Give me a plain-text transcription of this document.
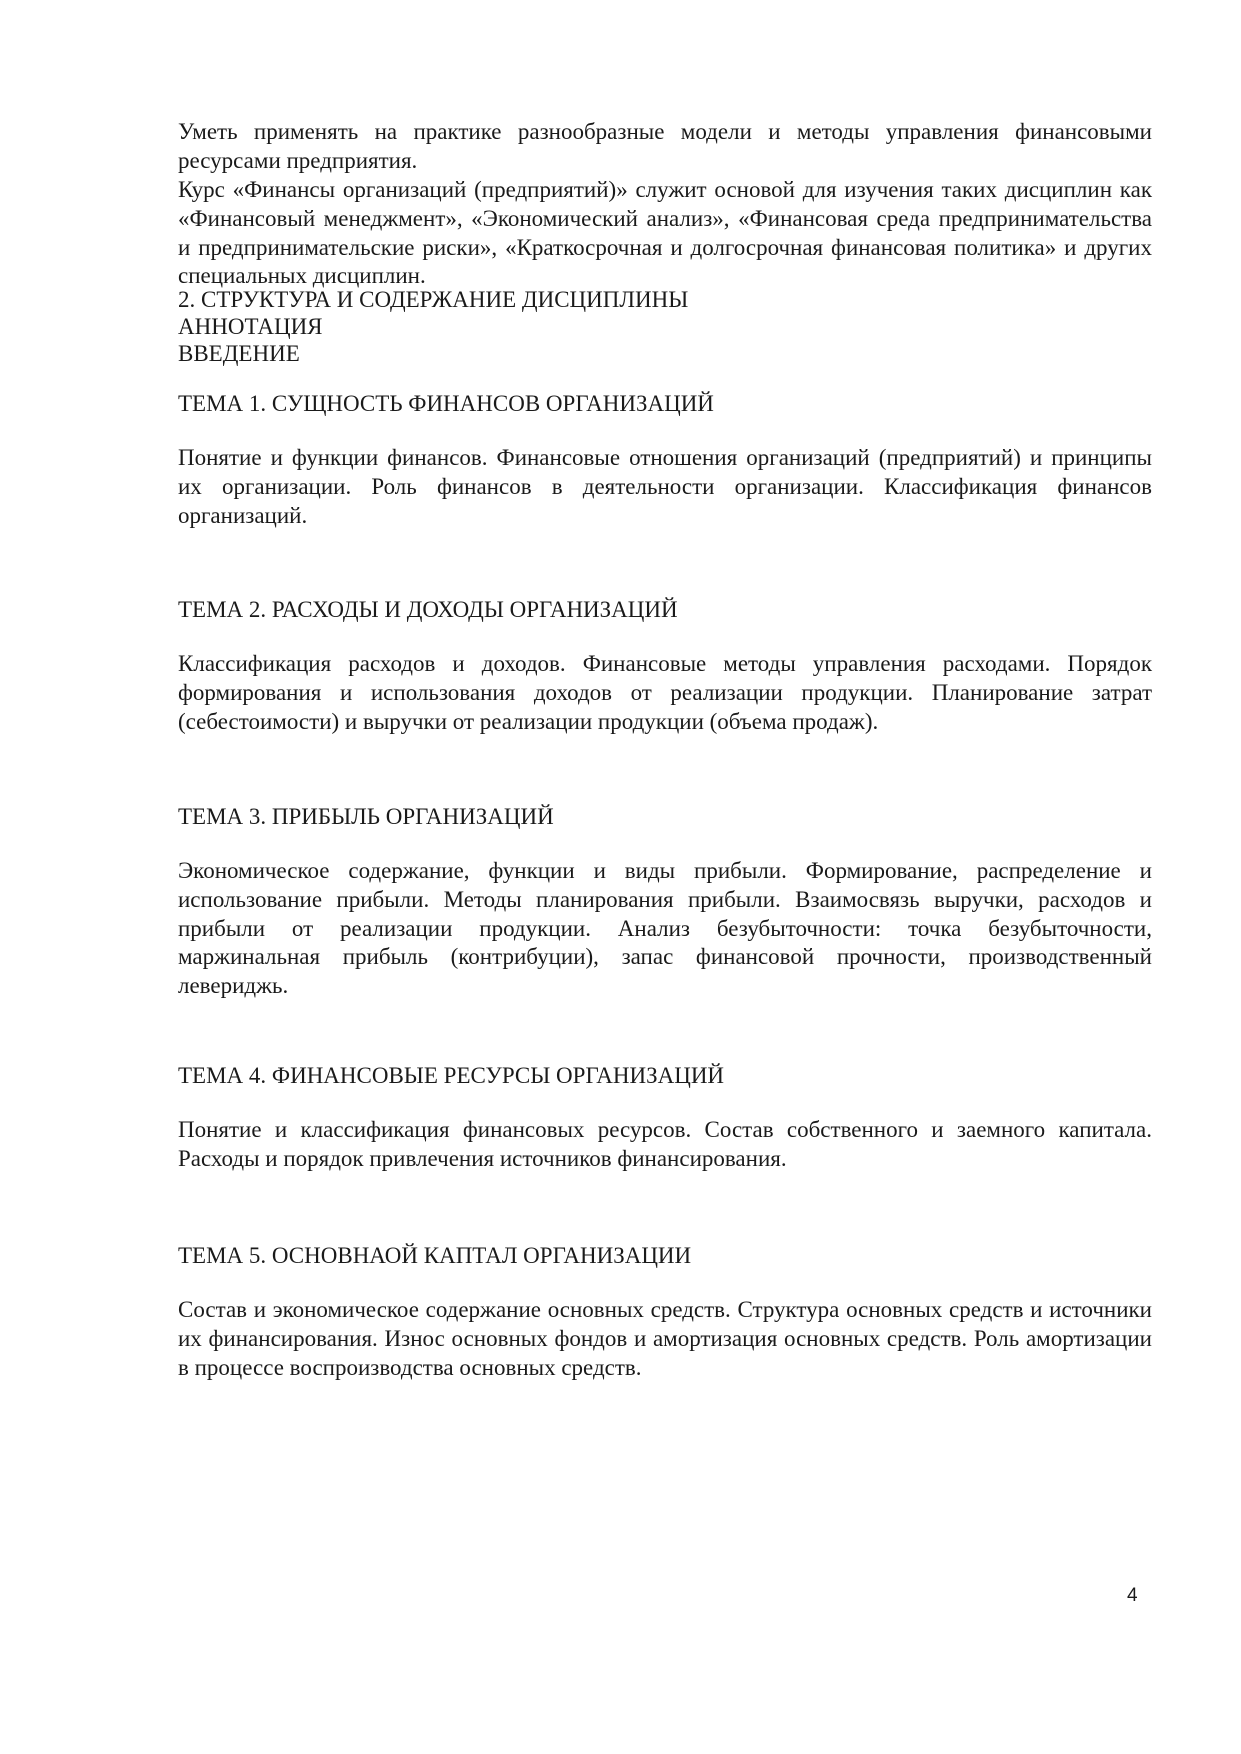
Уметь применять на практике разнообразные модели и методы управления финансовыми ресурсами предприятия.

Курс «Финансы организаций (предприятий)» служит основой для изучения таких дисциплин как «Финансовый менеджмент», «Экономический анализ», «Финансовая среда предпринимательства и предпринимательские риски», «Краткосрочная и долгосрочная финансовая политика» и других специальных дисциплин.

2. СТРУКТУРА И СОДЕРЖАНИЕ ДИСЦИПЛИНЫ
АННОТАЦИЯ
ВВЕДЕНИЕ
ТЕМА 1. СУЩНОСТЬ ФИНАНСОВ ОРГАНИЗАЦИЙ

Понятие и функции финансов. Финансовые отношения организаций (предприятий) и принципы их организации. Роль финансов в деятельности организации. Классификация финансов организаций.

ТЕМА 2. РАСХОДЫ И ДОХОДЫ ОРГАНИЗАЦИЙ

Классификация расходов и доходов. Финансовые методы управления расходами. Порядок формирования и использования доходов от реализации продукции. Планирование затрат (себестоимости) и выручки от реализации продукции (объема продаж).

ТЕМА 3. ПРИБЫЛЬ ОРГАНИЗАЦИЙ

Экономическое содержание, функции и виды прибыли. Формирование, распределение и использование прибыли. Методы планирования прибыли. Взаимосвязь выручки, расходов и прибыли от реализации продукции. Анализ безубыточности: точка безубыточности, маржинальная прибыль (контрибуции), запас финансовой прочности, производственный левериджь.

ТЕМА 4. ФИНАНСОВЫЕ РЕСУРСЫ ОРГАНИЗАЦИЙ

Понятие и классификация финансовых ресурсов. Состав собственного и заемного капитала. Расходы и порядок привлечения источников финансирования.

ТЕМА 5. ОСНОВНАОЙ КАПТАЛ ОРГАНИЗАЦИИ

Состав и экономическое содержание основных средств. Структура основных средств и источники их финансирования. Износ основных фондов и амортизация основных средств. Роль амортизации в процессе воспроизводства основных средств.

4
